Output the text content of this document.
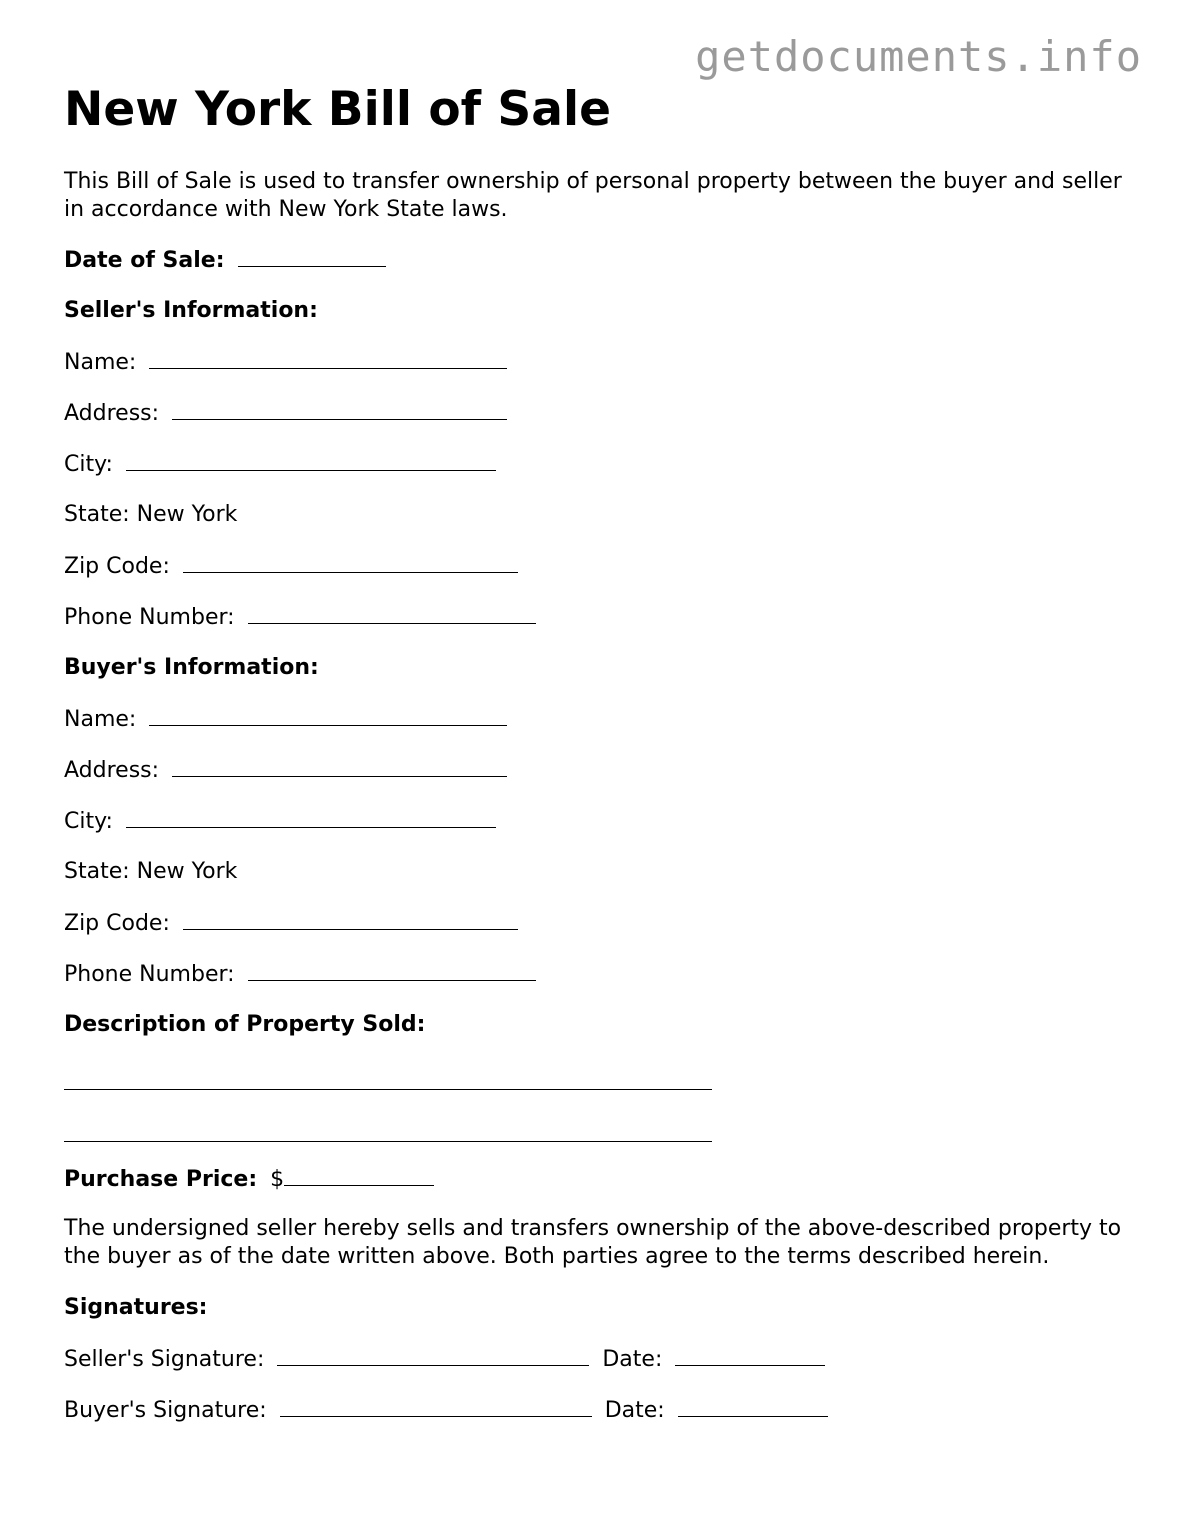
getdocuments.info
New York Bill of Sale

This Bill of Sale is used to transfer ownership of personal property between the buyer and seller in accordance with New York State laws.

Date of Sale:
Seller's Information:
Name:
Address:
City:
State: New York
Zip Code:
Phone Number:
Buyer's Information:
Name:
Address:
City:
State: New York
Zip Code:
Phone Number:
Description of Property Sold:
Purchase Price: $

The undersigned seller hereby sells and transfers ownership of the above-described property to the buyer as of the date written above. Both parties agree to the terms described herein.

Signatures:
Seller's Signature:	Date:
Buyer's Signature:	Date:
